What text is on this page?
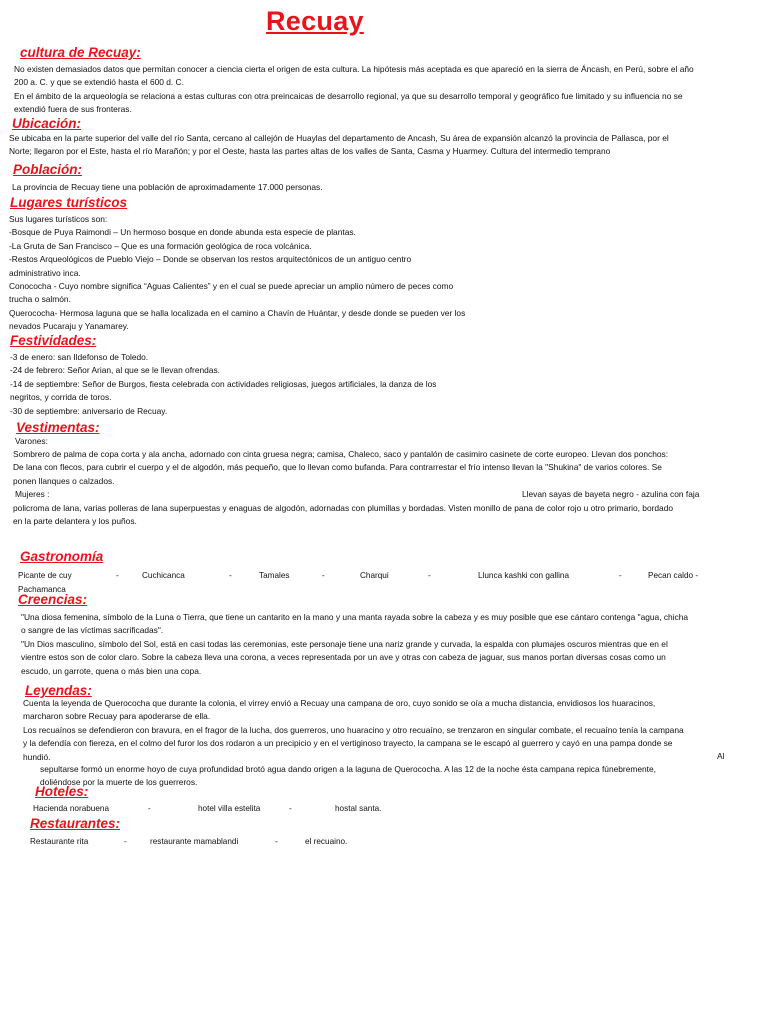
Recuay
cultura de Recuay:
No existen demasiados datos que permitan conocer a ciencia cierta el origen de esta cultura. La hipótesis más aceptada es que apareció en la sierra de Áncash, en Perú, sobre el año
200 a. C. y que se extendió hasta el 600 d. C.
En el ámbito de la arqueología se relaciona a estas culturas con otra preincaicas de desarrollo regional, ya que su desarrollo temporal y geográfico fue limitado y su influencia no se
extendió fuera de sus fronteras.
Ubicación:
Se ubicaba en la parte superior del valle del río Santa, cercano al callejón de Huaylas del departamento de Ancash, Su área de expansión alcanzó la provincia de Pallasca, por el
Norte; llegaron por el Este, hasta el río Marañón; y por el Oeste, hasta las partes altas de los valles de Santa, Casma y Huarmey. Cultura del intermedio temprano
Población:
La provincia de Recuay tiene una población de aproximadamente 17.000 personas.
Lugares turísticos
Sus lugares turísticos son:
-Bosque de Puya Raimondi – Un hermoso bosque en donde abunda esta especie de plantas.
-La Gruta de San Francisco – Que es una formación geológica de roca volcánica.
-Restos Arqueológicos de Pueblo Viejo – Donde se observan los restos arquitectónicos de un antiguo centro
administrativo inca.
Conococha - Cuyo nombre significa “Aguas Calientes” y en el cual se puede apreciar un amplio número de peces como
trucha o salmón.
Querococha- Hermosa laguna que se halla localizada en el camino a Chavín de Huántar, y desde donde se pueden ver los
nevados Pucaraju y Yanamarey.
Festividades:
-3 de enero: san Ildefonso de Toledo.
-24 de febrero: Señor Arian, al que se le llevan ofrendas.
-14 de septiembre: Señor de Burgos, fiesta celebrada con actividades religiosas, juegos artificiales, la danza de los
negritos, y corrida de toros.
-30 de septiembre: aniversario de Recuay.
Vestimentas:
Varones:
Sombrero de palma de copa corta y ala ancha, adornado con cinta gruesa negra; camisa, Chaleco, saco y pantalón de casimiro casinete de corte europeo. Llevan dos ponchos:
De lana con flecos, para cubrir el cuerpo y el de algodón, más pequeño, que lo llevan como bufanda. Para contrarrestar el frío intenso llevan la "Shukina" de varios colores. Se
ponen llanques o calzados.
Mujeres :	Llevan sayas de bayeta negro - azulina con faja
policroma de lana, varias polleras de lana superpuestas y enaguas de algodón, adornadas con plumillas y bordadas. Visten monillo de pana de color rojo u otro primario, bordado
en la parte delantera y los puños.
Gastronomía
Picante de cuy	-	Cuchicanca	-	Tamales	-	Charqui	-	Llunca kashki con gallina	-	Pecan caldo -
Pachamanca
Creencias:
"Una diosa femenina, símbolo de la Luna o Tierra, que tiene un cantarito en la mano y una manta rayada sobre la cabeza y es muy posible que ese cántaro contenga "agua, chicha
o sangre de las víctimas sacrificadas".
"Un Dios masculino, símbolo del Sol, está en casi todas las ceremonias, este personaje tiene una nariz grande y curvada, la espalda con plumajes oscuros mientras que en el
vientre estos son de color claro. Sobre la cabeza lleva una corona, a veces representada por un ave y otras con cabeza de jaguar, sus manos portan diversas cosas como un
escudo, un garrote, quena o más bien una copa.
Leyendas:
Cuenta la leyenda de Querococha que durante la colonia, el virrey envió a Recuay una campana de oro, cuyo sonido se oía a mucha distancia, envidiosos los huaracinos,
marcharon sobre Recuay para apoderarse de ella.
Los recuaínos se defendieron con bravura, en el fragor de la lucha, dos guerreros, uno huaracino y otro recuaíno, se trenzaron en singular combate, el recuaíno tenía la campana
y la defendía con fiereza, en el colmo del furor los dos rodaron a un precipicio y en el vertiginoso trayecto, la campana se le escapó al guerrero y cayó en una pampa donde se
hundió.	Al
sepultarse formó un enorme hoyo de cuya profundidad brotó agua dando origen a la laguna de Querococha. A las 12 de la noche ésta campana repica fúnebremente,
doliéndose por la muerte de los guerreros.
Hoteles:
Hacienda norabuena	-	hotel villa estelita	-	hostal santa.
Restaurantes:
Restaurante rita	-	restaurante mamablandi	-	el recuaino.
